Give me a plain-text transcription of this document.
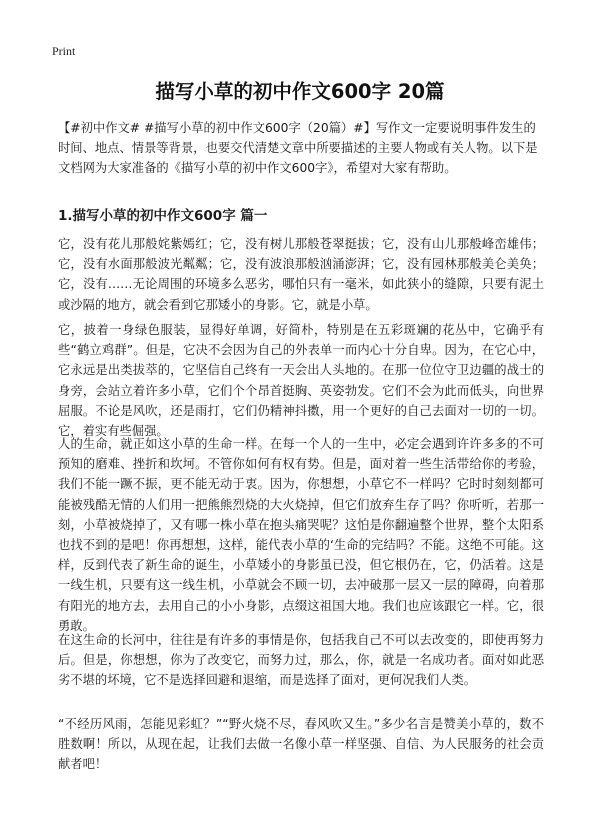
Print
描写小草的初中作文600字 20篇

【#初中作文# #描写小草的初中作文600字（20篇）#】写作文一定要说明事件发生的时间、地点、情景等背景，也要交代清楚文章中所要描述的主要人物或有关人物。以下是文档网为大家准备的《描写小草的初中作文600字》，希望对大家有帮助。

1.描写小草的初中作文600字 篇一

它，没有花儿那般姹紫嫣红；它，没有树儿那般苍翠挺拔；它，没有山儿那般峰峦雄伟；它，没有水面那般波光粼粼；它，没有波浪那般汹涌澎湃；它，没有园林那般美仑美奂；它，没有……无论周围的环境多么恶劣，哪怕只有一毫米，如此狭小的缝隙，只要有泥土或沙隔的地方，就会看到它那矮小的身影。它，就是小草。

它，披着一身绿色服装，显得好单调，好简朴，特别是在五彩斑斓的花丛中，它确乎有些“鹤立鸡群”。但是，它决不会因为自己的外表单一而内心十分自卑。因为，在它心中，它永远是出类拔萃的，它坚信自己终有一天会出人头地的。在那一位位守卫边疆的战士的身旁，会站立着许多小草，它们个个昂首挺胸、英姿勃发。它们不会为此而低头，向世界屈服。不论是风吹，还是雨打，它们仍精神抖擞，用一个更好的自己去面对一切的一切。它，着实有些倔强。

人的生命，就正如这小草的生命一样。在每一个人的一生中，必定会遇到许许多多的不可预知的磨难、挫折和坎坷。不管你如何有权有势。但是，面对着一些生活带给你的考验，我们不能一蹶不振，更不能无动于衷。因为，你想想，小草它不一样吗？它时时刻刻都可能被残酷无情的人们用一把熊熊烈烧的大火烧掉，但它们放弃生存了吗？你听听，若那一刻，小草被烧掉了，又有哪一株小草在抱头痛哭呢？这怕是你翻遍整个世界，整个太阳系也找不到的是吧！你再想想，这样，能代表小草的‘生命的完结吗？不能。这绝不可能。这样，反到代表了新生命的诞生，小草矮小的身影虽已没，但它根仍在，它，仍活着。这是一线生机，只要有这一线生机，小草就会不顾一切，去冲破那一层又一层的障碍，向着那有阳光的地方去，去用自己的小小身影，点缀这祖国大地。我们也应该跟它一样。它，很勇敢。

在这生命的长河中，往往是有许多的事情是你，包括我自己不可以去改变的，即使再努力后。但是，你想想，你为了改变它，而努力过，那么，你，就是一名成功者。面对如此恶劣不堪的坏境，它不是选择回避和退缩，而是选择了面对，更何况我们人类。

“不经历风雨，怎能见彩虹？”“野火烧不尽，春风吹又生。”多少名言是赞美小草的，数不胜数啊！所以，从现在起，让我们去做一名像小草一样坚强、自信、为人民服务的社会贡献者吧！
